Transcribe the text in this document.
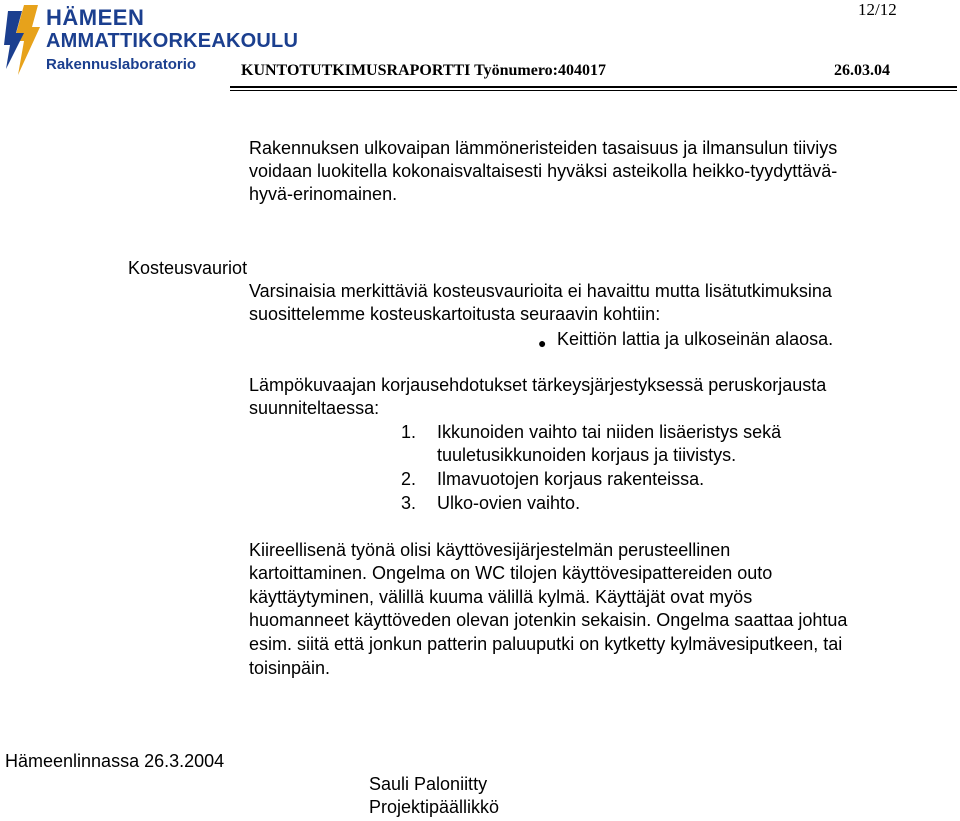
HÄMEEN
AMMATTIKORKEAKOULU
Rakennuslaboratorio
12/12
KUNTOTUTKIMUSRAPORTTI Työnumero:404017	26.03.04
Rakennuksen ulkovaipan lämmöneristeiden tasaisuus ja ilmansulun tiiviys
voidaan luokitella kokonaisvaltaisesti hyväksi asteikolla heikko-tyydyttävä-
hyvä-erinomainen.
Kosteusvauriot
Varsinaisia merkittäviä kosteusvaurioita ei havaittu mutta lisätutkimuksina
suosittelemme kosteuskartoitusta seuraavin kohtiin:
● Keittiön lattia ja ulkoseinän alaosa.
Lämpökuvaajan korjausehdotukset tärkeysjärjestyksessä peruskorjausta
suunniteltaessa:
1. Ikkunoiden vaihto tai niiden lisäeristys sekä
tuuletusikkunoiden korjaus ja tiivistys.
2. Ilmavuotojen korjaus rakenteissa.
3. Ulko-ovien vaihto.
Kiireellisenä työnä olisi käyttövesijärjestelmän perusteellinen
kartoittaminen. Ongelma on WC tilojen käyttövesipattereiden outo
käyttäytyminen, välillä kuuma välillä kylmä. Käyttäjät ovat myös
huomanneet käyttöveden olevan jotenkin sekaisin. Ongelma saattaa johtua
esim. siitä että jonkun patterin paluuputki on kytketty kylmävesiputkeen, tai
toisinpäin.
Hämeenlinnassa 26.3.2004
Sauli Paloniitty
Projektipäällikkö
